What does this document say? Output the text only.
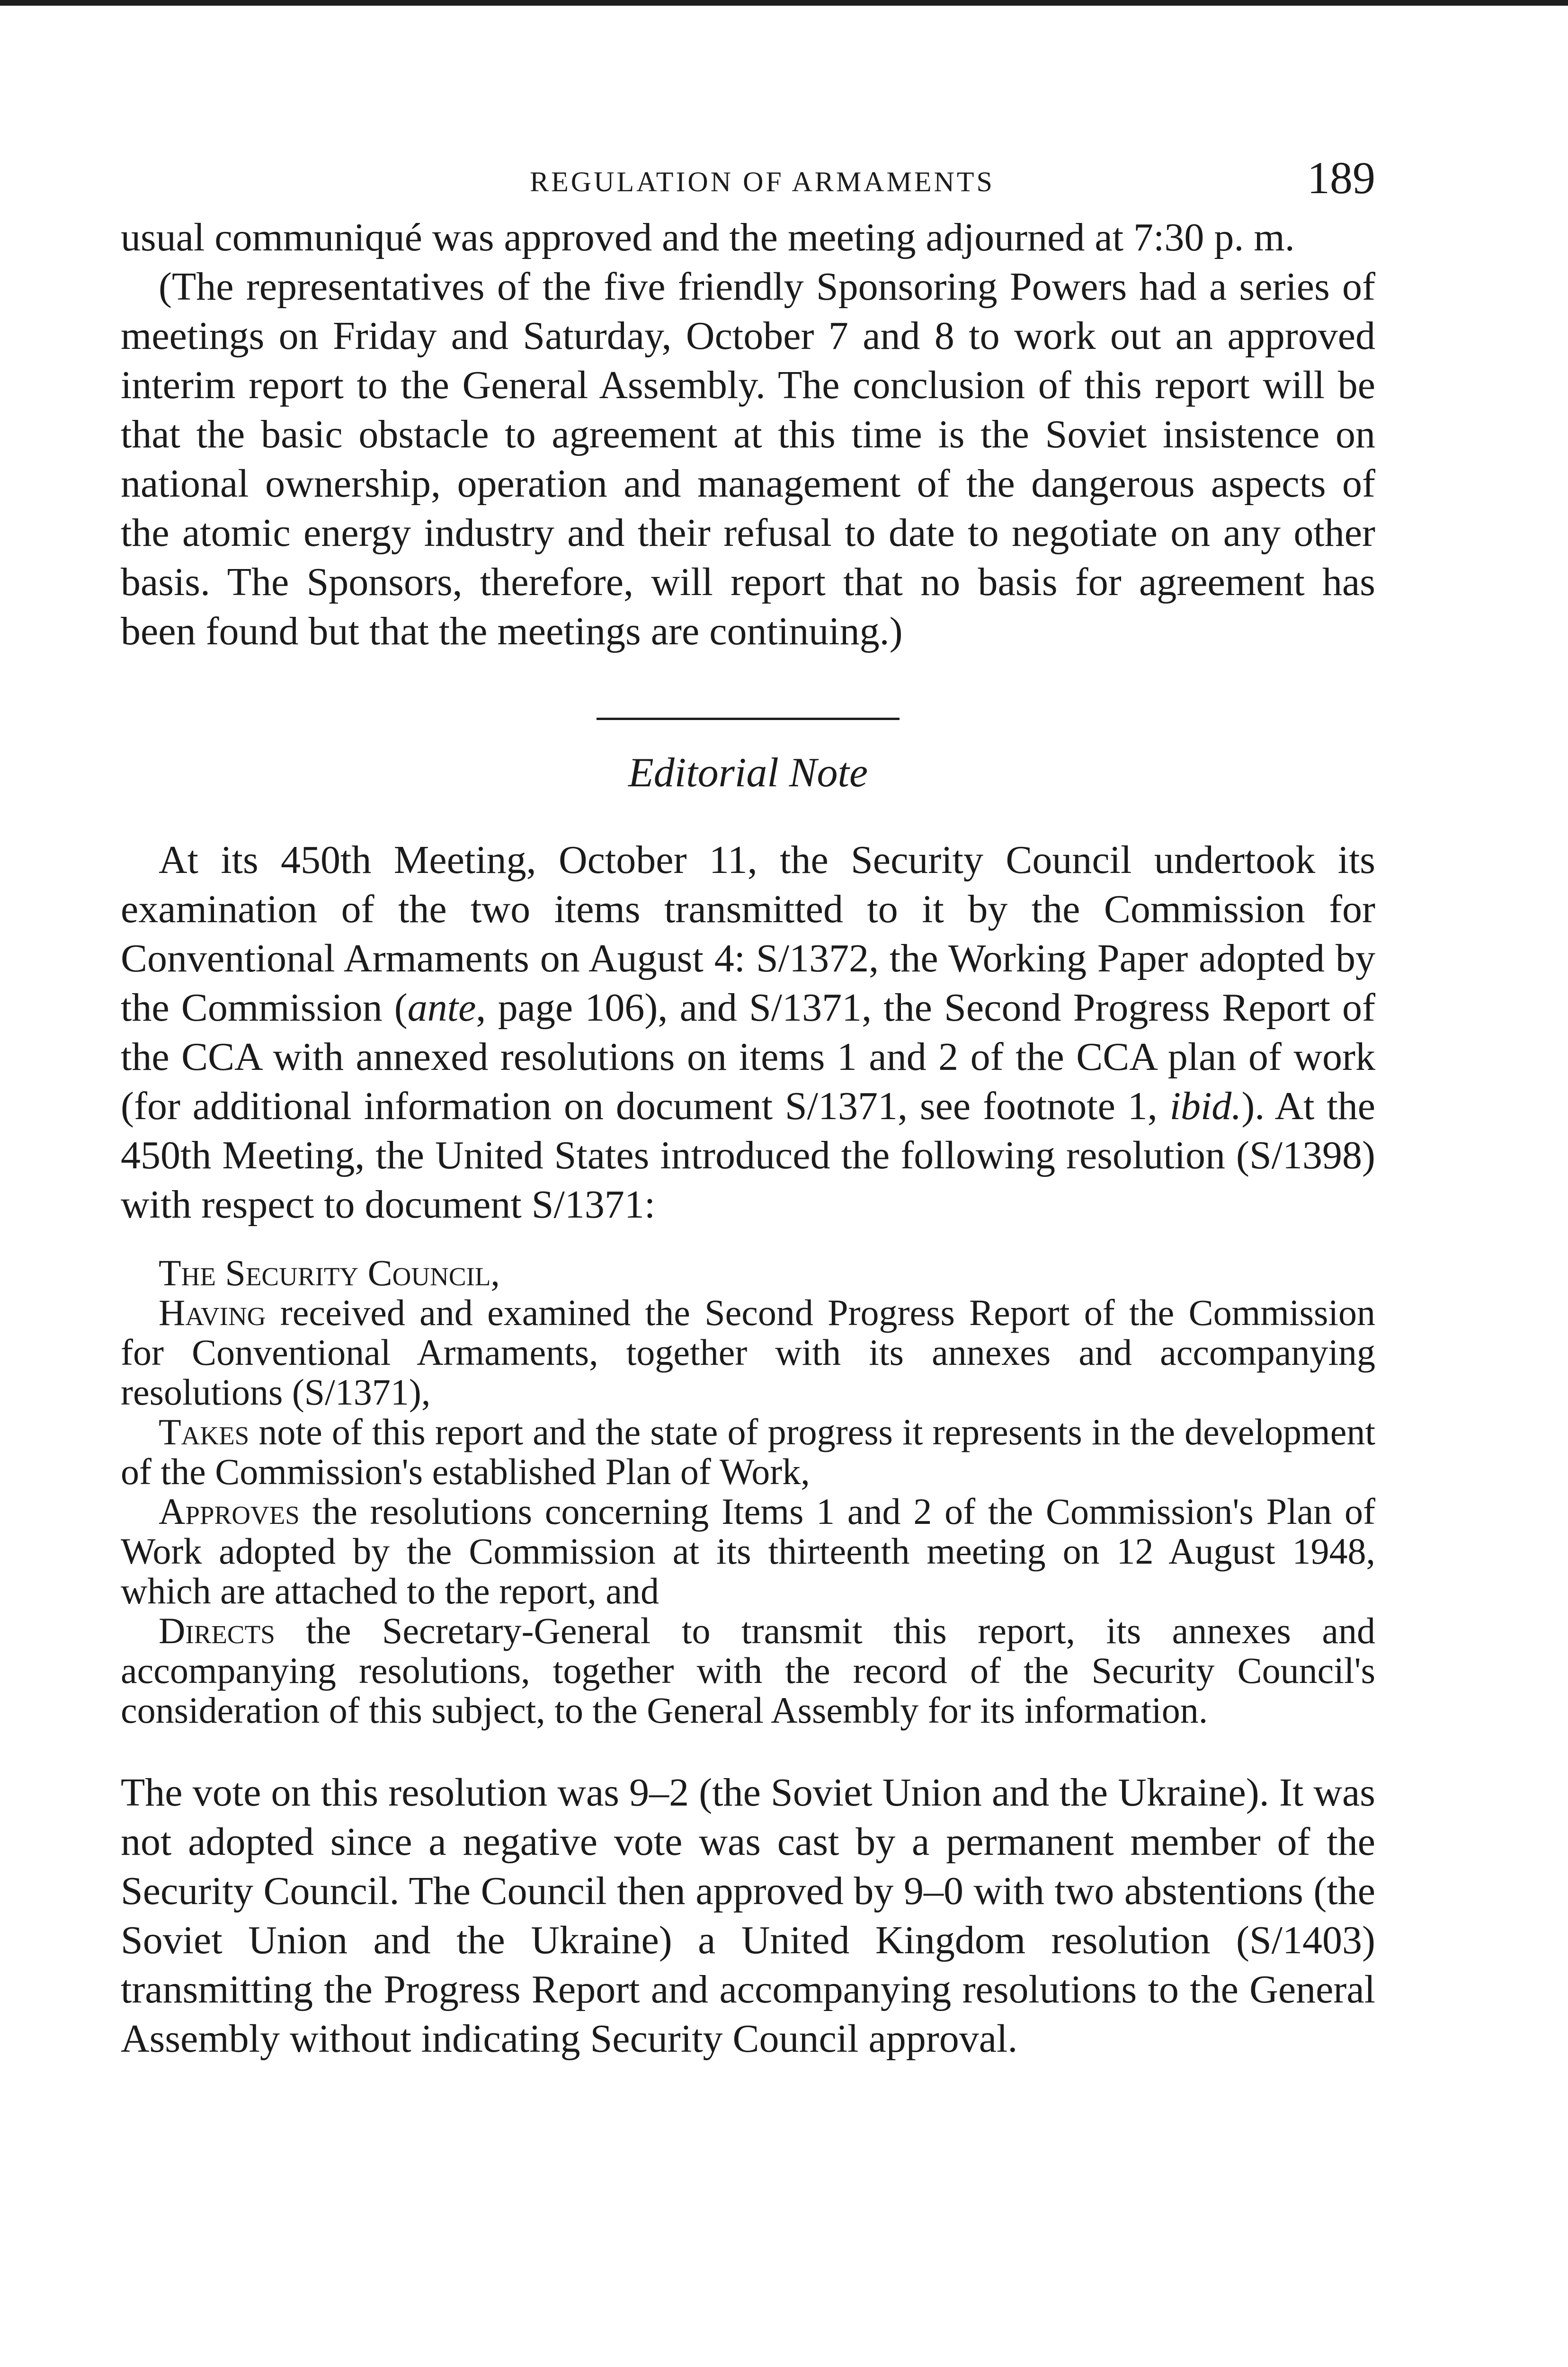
REGULATION OF ARMAMENTS	189

usual communiqué was approved and the meeting adjourned at 7:30 p. m.

(The representatives of the five friendly Sponsoring Powers had a series of meetings on Friday and Saturday, October 7 and 8 to work out an approved interim report to the General Assembly. The conclusion of this report will be that the basic obstacle to agreement at this time is the Soviet insistence on national ownership, operation and management of the dangerous aspects of the atomic energy industry and their refusal to date to negotiate on any other basis. The Sponsors, therefore, will report that no basis for agreement has been found but that the meetings are continuing.)

Editorial Note

At its 450th Meeting, October 11, the Security Council undertook its examination of the two items transmitted to it by the Commission for Conventional Armaments on August 4: S/1372, the Working Paper adopted by the Commission (ante, page 106), and S/1371, the Second Progress Report of the CCA with annexed resolutions on items 1 and 2 of the CCA plan of work (for additional information on document S/1371, see footnote 1, ibid.). At the 450th Meeting, the United States introduced the following resolution (S/1398) with respect to document S/1371:

The Security Council,

Having received and examined the Second Progress Report of the Commission for Conventional Armaments, together with its annexes and accompanying resolutions (S/1371),

Takes note of this report and the state of progress it represents in the development of the Commission's established Plan of Work,

Approves the resolutions concerning Items 1 and 2 of the Commission's Plan of Work adopted by the Commission at its thirteenth meeting on 12 August 1948, which are attached to the report, and

Directs the Secretary-General to transmit this report, its annexes and accompanying resolutions, together with the record of the Security Council's consideration of this subject, to the General Assembly for its information.

The vote on this resolution was 9–2 (the Soviet Union and the Ukraine). It was not adopted since a negative vote was cast by a permanent member of the Security Council. The Council then approved by 9–0 with two abstentions (the Soviet Union and the Ukraine) a United Kingdom resolution (S/1403) transmitting the Progress Report and accompanying resolutions to the General Assembly without indicating Security Council approval.
